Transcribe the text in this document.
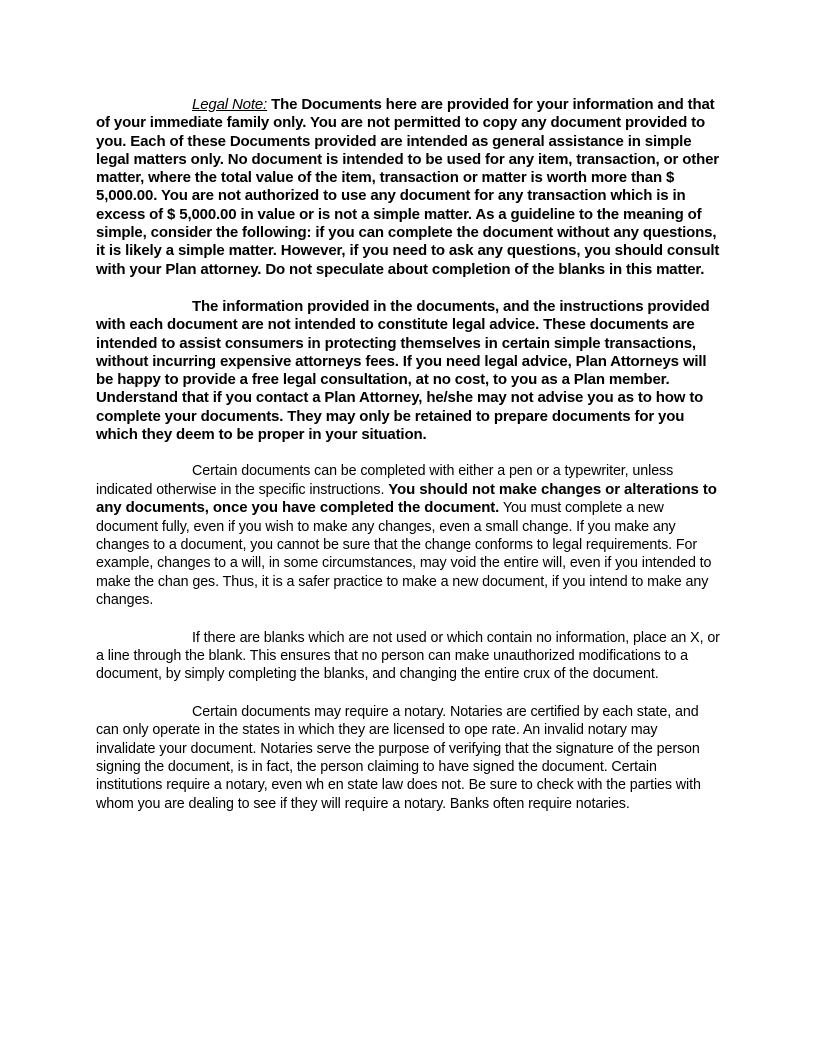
Legal Note: The Documents here are provided for your information and that of your immediate family only. You are not permitted to copy any document provided to you. Each of these Documents provided are intended as general assistance in simple legal matters only. No document is intended to be used for any item, transaction, or other matter, where the total value of the item, transaction or matter is worth more than $ 5,000.00. You are not authorized to use any document for any transaction which is in excess of $ 5,000.00 in value or is not a simple matter. As a guideline to the meaning of simple, consider the following: if you can complete the document without any questions, it is likely a simple matter. However, if you need to ask any questions, you should consult with your Plan attorney. Do not speculate about completion of the blanks in this matter.

The information provided in the documents, and the instructions provided with each document are not intended to constitute legal advice. These documents are intended to assist consumers in protecting themselves in certain simple transactions, without incurring expensive attorneys fees. If you need legal advice, Plan Attorneys will be happy to provide a free legal consultation, at no cost, to you as a Plan member. Understand that if you contact a Plan Attorney, he/she may not advise you as to how to complete your documents. They may only be retained to prepare documents for you which they deem to be proper in your situation.

Certain documents can be completed with either a pen or a typewriter, unless indicated otherwise in the specific instructions. You should not make changes or alterations to any documents, once you have completed the document. You must complete a new document fully, even if you wish to make any changes, even a small change. If you make any changes to a document, you cannot be sure that the change conforms to legal requirements. For example, changes to a will, in some circumstances, may void the entire will, even if you intended to make the chan ges. Thus, it is a safer practice to make a new document, if you intend to make any changes.

If there are blanks which are not used or which contain no information, place an X, or a line through the blank. This ensures that no person can make unauthorized modifications to a document, by simply completing the blanks, and changing the entire crux of the document.

Certain documents may require a notary. Notaries are certified by each state, and can only operate in the states in which they are licensed to ope rate. An invalid notary may invalidate your document. Notaries serve the purpose of verifying that the signature of the person signing the document, is in fact, the person claiming to have signed the document. Certain institutions require a notary, even wh en state law does not. Be sure to check with the parties with whom you are dealing to see if they will require a notary. Banks often require notaries.
